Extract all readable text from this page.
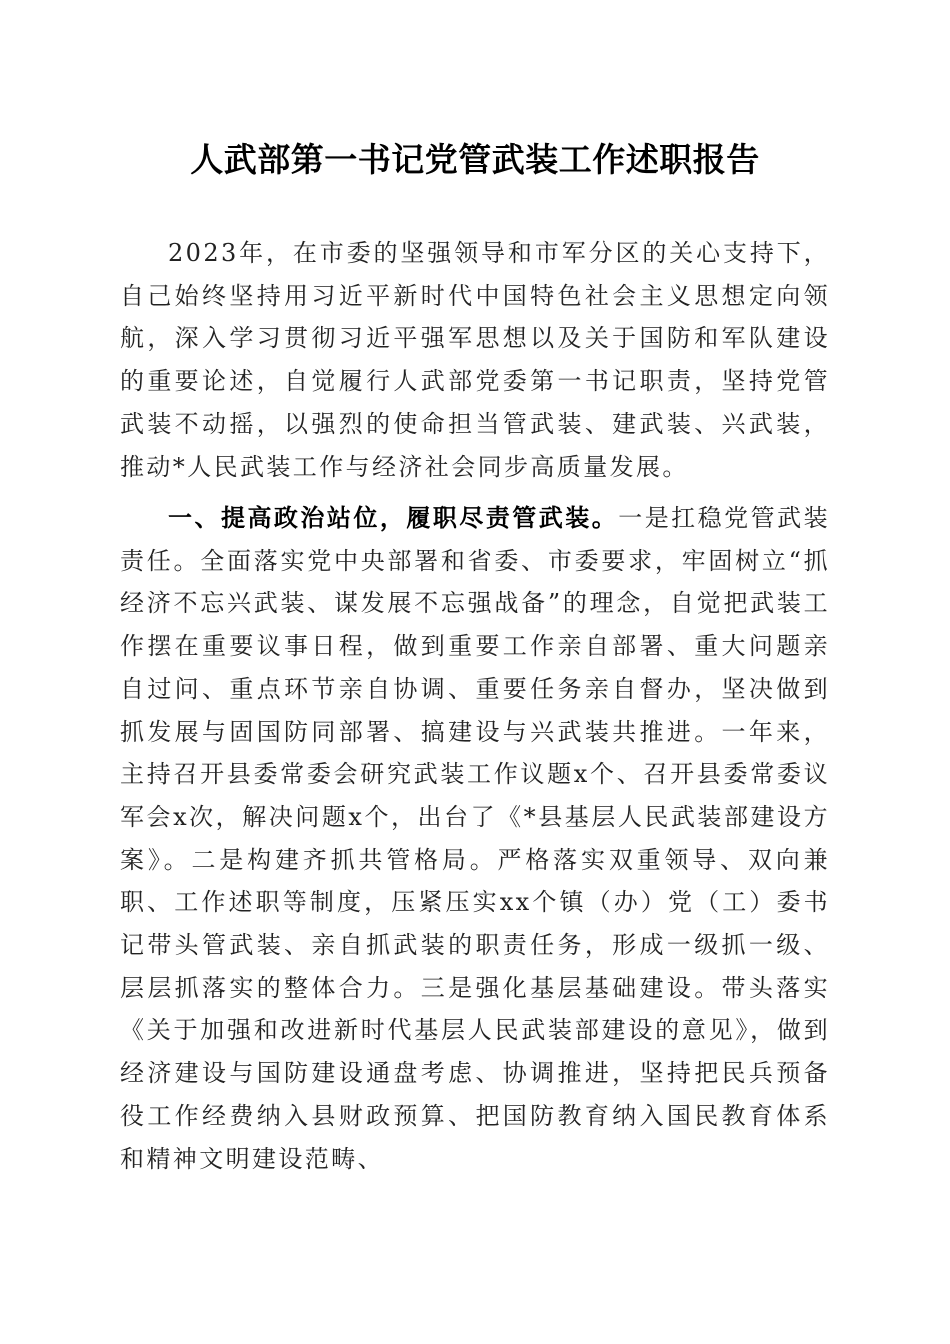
人武部第一书记党管武装工作述职报告

2023年，在市委的坚强领导和市军分区的关心支持下，自己始终坚持用习近平新时代中国特色社会主义思想定向领航，深入学习贯彻习近平强军思想以及关于国防和军队建设的重要论述，自觉履行人武部党委第一书记职责，坚持党管武装不动摇，以强烈的使命担当管武装、建武装、兴武装，推动*人民武装工作与经济社会同步高质量发展。

一、提高政治站位，履职尽责管武装。一是扛稳党管武装责任。全面落实党中央部署和省委、市委要求，牢固树立“抓经济不忘兴武装、谋发展不忘强战备”的理念，自觉把武装工作摆在重要议事日程，做到重要工作亲自部署、重大问题亲自过问、重点环节亲自协调、重要任务亲自督办，坚决做到抓发展与固国防同部署、搞建设与兴武装共推进。一年来，主持召开县委常委会研究武装工作议题x个、召开县委常委议军会x次，解决问题x个，出台了《*县基层人民武装部建设方案》。二是构建齐抓共管格局。严格落实双重领导、双向兼职、工作述职等制度，压紧压实xx个镇（办）党（工）委书记带头管武装、亲自抓武装的职责任务，形成一级抓一级、层层抓落实的整体合力。三是强化基层基础建设。带头落实《关于加强和改进新时代基层人民武装部建设的意见》，做到经济建设与国防建设通盘考虑、协调推进，坚持把民兵预备役工作经费纳入县财政预算、把国防教育纳入国民教育体系和精神文明建设范畴、
